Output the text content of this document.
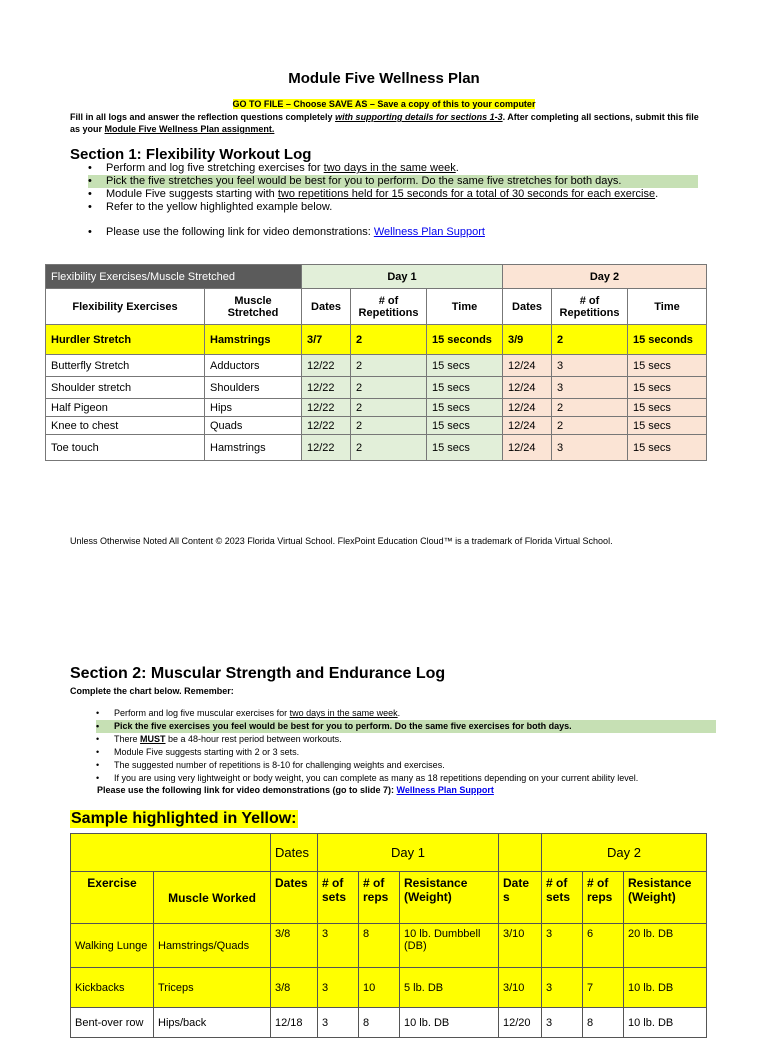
Module Five Wellness Plan
GO TO FILE – Choose SAVE AS – Save a copy of this to your computer
Fill in all logs and answer the reflection questions completely with supporting details for sections 1-3. After completing all sections, submit this file as your Module Five Wellness Plan assignment.
Section 1: Flexibility Workout Log
• Perform and log five stretching exercises for two days in the same week.
• Pick the five stretches you feel would be best for you to perform. Do the same five stretches for both days.
• Module Five suggests starting with two repetitions held for 15 seconds for a total of 30 seconds for each exercise.
• Refer to the yellow highlighted example below.
• Please use the following link for video demonstrations: Wellness Plan Support
Flexibility Exercises/Muscle Stretched		Day 1			Day 2		
Flexibility Exercises	Muscle Stretched	Dates	# of Repetitions	Time	Dates	# of Repetitions	Time
Hurdler Stretch	Hamstrings	3/7	2	15 seconds	3/9	2	15 seconds
Butterfly Stretch	Adductors	12/22	2	15 secs	12/24	3	15 secs
Shoulder stretch	Shoulders	12/22	2	15 secs	12/24	3	15 secs
Half Pigeon	Hips	12/22	2	15 secs	12/24	2	15 secs
Knee to chest	Quads	12/22	2	15 secs	12/24	2	15 secs
Toe touch	Hamstrings	12/22	2	15 secs	12/24	3	15 secs
Unless Otherwise Noted All Content © 2023 Florida Virtual School. FlexPoint Education Cloud™ is a trademark of Florida Virtual School.
Section 2: Muscular Strength and Endurance Log
Complete the chart below. Remember:
• Perform and log five muscular exercises for two days in the same week.
• Pick the five exercises you feel would be best for you to perform. Do the same five exercises for both days.
• There MUST be a 48-hour rest period between workouts.
• Module Five suggests starting with 2 or 3 sets.
• The suggested number of repetitions is 8-10 for challenging weights and exercises.
• If you are using very lightweight or body weight, you can complete as many as 18 repetitions depending on your current ability level.
Please use the following link for video demonstrations (go to slide 7): Wellness Plan Support
Sample highlighted in Yellow:
		Dates	Day 1				Day 2		
Exercise	Muscle Worked	Dates	# of sets	# of reps	Resistance (Weight)	Date s	# of sets	# of reps	Resistance (Weight)
Walking Lunge	Hamstrings/Quads	3/8	3	8	10 lb. Dumbbell (DB)	3/10	3	6	20 lb. DB
Kickbacks	Triceps	3/8	3	10	5 lb. DB	3/10	3	7	10 lb. DB
Bent-over row	Hips/back	12/18	3	8	10 lb. DB	12/20	3	8	10 lb. DB
